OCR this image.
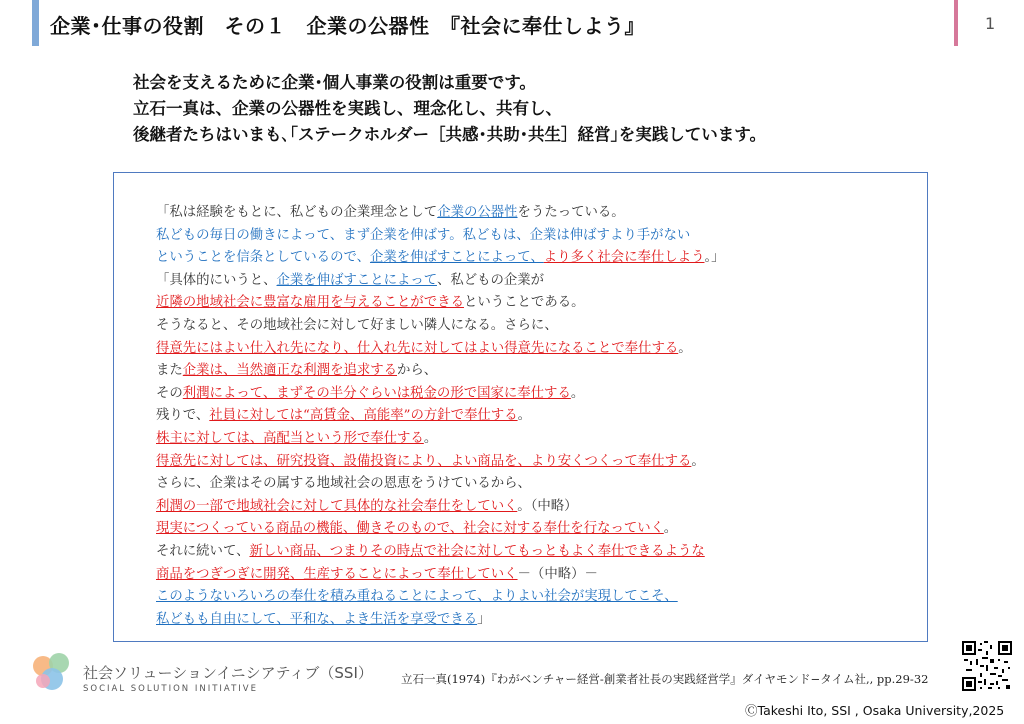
企業･仕事の役割　その１　企業の公器性　『社会に奉仕しよう』	1
社会を支えるために企業･個人事業の役割は重要です。
立石一真は、企業の公器性を実践し、理念化し、共有し、
後継者たちはいまも､｢ステークホルダー［共感･共助･共生］経営｣を実践しています。
「私は経験をもとに、私どもの企業理念として企業の公器性をうたっている。
私どもの毎日の働きによって、まず企業を伸ばす。私どもは、企業は伸ばすより手がない
ということを信条としているので、企業を伸ばすことによって、より多く社会に奉仕しよう。」
「具体的にいうと、企業を伸ばすことによって、私どもの企業が
近隣の地域社会に豊富な雇用を与えることができるということである。
そうなると、その地域社会に対して好ましい隣人になる。さらに、
得意先にはよい仕入れ先になり、仕入れ先に対してはよい得意先になることで奉仕する。
また企業は、当然適正な利潤を追求するから、
その利潤によって、まずその半分ぐらいは税金の形で国家に奉仕する。
残りで、社員に対しては“高賃金、高能率”の方針で奉仕する。
株主に対しては、高配当という形で奉仕する。
得意先に対しては、研究投資、設備投資により、よい商品を、より安くつくって奉仕する。
さらに、企業はその属する地域社会の恩恵をうけているから、
利潤の一部で地域社会に対して具体的な社会奉仕をしていく。（中略）
現実につくっている商品の機能、働きそのもので、社会に対する奉仕を行なっていく。
それに続いて、新しい商品、つまりその時点で社会に対してもっともよく奉仕できるような
商品をつぎつぎに開発、生産することによって奉仕していく－（中略）－
このようないろいろの奉仕を積み重ねることによって、よりよい社会が実現してこそ、
私どもも自由にして、平和な、よき生活を享受できる」
社会ソリューションイニシアティブ（SSI）
SOCIAL SOLUTION INITIATIVE
立石一真(1974)『わがベンチャー経営-創業者社長の実践経営学』ダイヤモンド−タイム社,, pp.29-32
ⒸTakeshi Ito, SSI , Osaka University,2025
